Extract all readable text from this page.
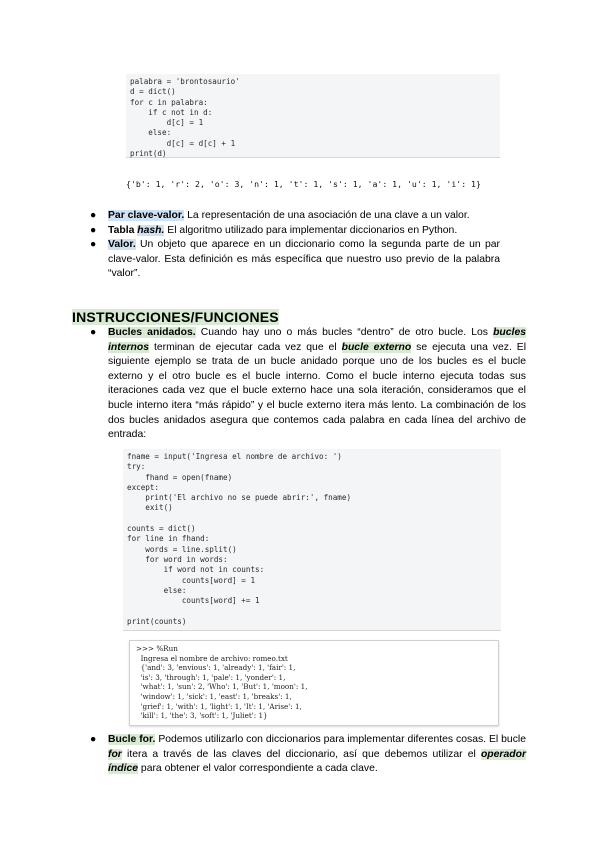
palabra = 'brontosaurio'
d = dict()
for c in palabra:
if c not in d:
d[c] = 1
else:
d[c] = d[c] + 1
print(d)
{'b': 1, 'r': 2, 'o': 3, 'n': 1, 't': 1, 's': 1, 'a': 1, 'u': 1, 'i': 1}
● Par clave-valor. La representación de una asociación de una clave a un valor.
● Tabla hash. El algoritmo utilizado para implementar diccionarios en Python.
● Valor. Un objeto que aparece en un diccionario como la segunda parte de un par clave-valor. Esta definición es más específica que nuestro uso previo de la palabra “valor”.
INSTRUCCIONES/FUNCIONES
● Bucles anidados. Cuando hay uno o más bucles “dentro” de otro bucle. Los bucles internos terminan de ejecutar cada vez que el bucle externo se ejecuta una vez. El siguiente ejemplo se trata de un bucle anidado porque uno de los bucles es el bucle externo y el otro bucle es el bucle interno. Como el bucle interno ejecuta todas sus iteraciones cada vez que el bucle externo hace una sola iteración, consideramos que el bucle interno itera “más rápido” y el bucle externo itera más lento. La combinación de los dos bucles anidados asegura que contemos cada palabra en cada línea del archivo de entrada:
fname = input('Ingresa el nombre de archivo: ')
try:
fhand = open(fname)
except:
print('El archivo no se puede abrir:', fname)
exit()

counts = dict()
for line in fhand:
words = line.split()
for word in words:
if word not in counts:
counts[word] = 1
else:
counts[word] += 1

print(counts)
>>> %Run
Ingresa el nombre de archivo: romeo.txt
{'and': 3, 'envious': 1, 'already': 1, 'fair': 1,
'is': 3, 'through': 1, 'pale': 1, 'yonder': 1,
'what': 1, 'sun': 2, 'Who': 1, 'But': 1, 'moon': 1,
'window': 1, 'sick': 1, 'east': 1, 'breaks': 1,
'grief': 1, 'with': 1, 'light': 1, 'It': 1, 'Arise': 1,
'kill': 1, 'the': 3, 'soft': 1, 'Juliet': 1}
● Bucle for. Podemos utilizarlo con diccionarios para implementar diferentes cosas. El bucle for itera a través de las claves del diccionario, así que debemos utilizar el operador índice para obtener el valor correspondiente a cada clave.
